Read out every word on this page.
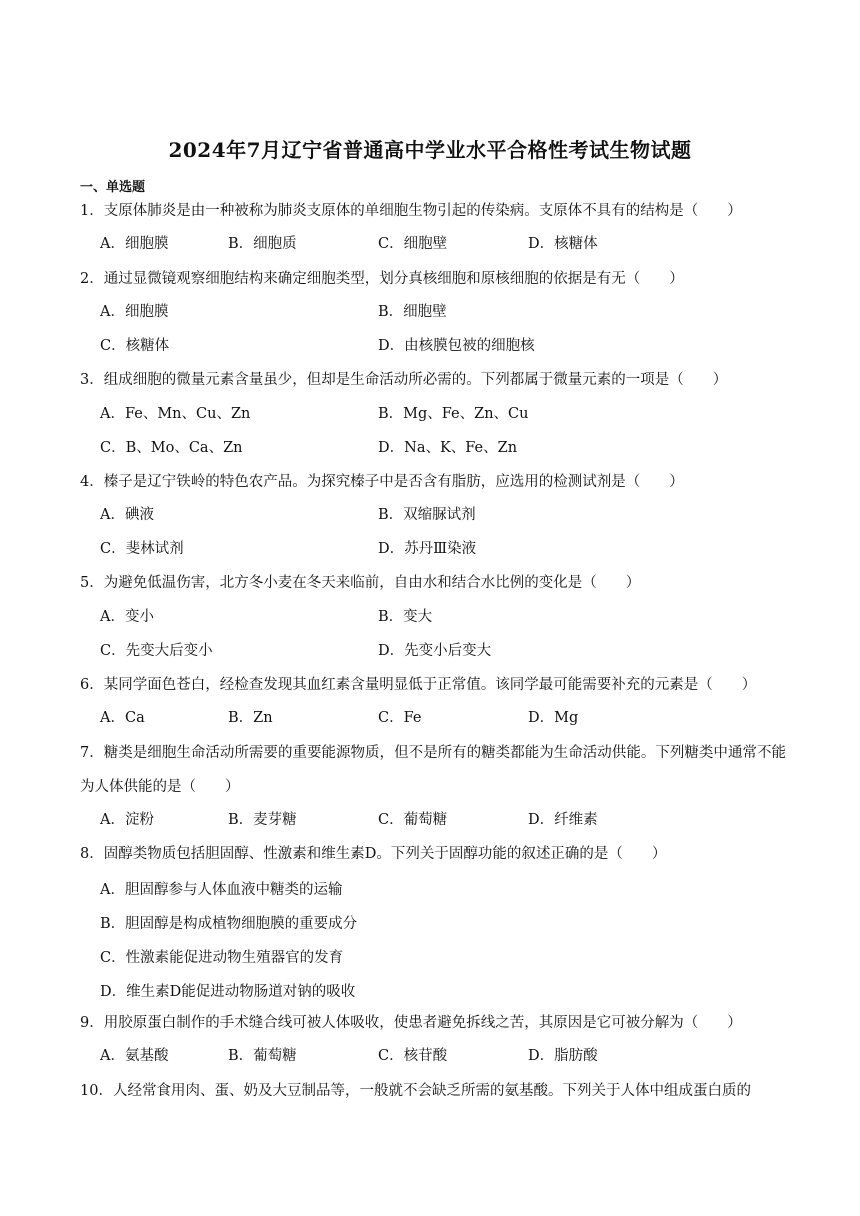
2024年7月辽宁省普通高中学业水平合格性考试生物试题
一、单选题
1．支原体肺炎是由一种被称为肺炎支原体的单细胞生物引起的传染病。支原体不具有的结构是（　　）
A．细胞膜	B．细胞质	C．细胞壁	D．核糖体
2．通过显微镜观察细胞结构来确定细胞类型，划分真核细胞和原核细胞的依据是有无（　　）
A．细胞膜	B．细胞壁
C．核糖体	D．由核膜包被的细胞核
3．组成细胞的微量元素含量虽少，但却是生命活动所必需的。下列都属于微量元素的一项是（　　）
A．Fe、Mn、Cu、Zn	B．Mg、Fe、Zn、Cu
C．B、Mo、Ca、Zn	D．Na、K、Fe、Zn
4．榛子是辽宁铁岭的特色农产品。为探究榛子中是否含有脂肪，应选用的检测试剂是（　　）
A．碘液	B．双缩脲试剂
C．斐林试剂	D．苏丹Ⅲ染液
5．为避免低温伤害，北方冬小麦在冬天来临前，自由水和结合水比例的变化是（　　）
A．变小	B．变大
C．先变大后变小	D．先变小后变大
6．某同学面色苍白，经检查发现其血红素含量明显低于正常值。该同学最可能需要补充的元素是（　　）
A．Ca	B．Zn	C．Fe	D．Mg
7．糖类是细胞生命活动所需要的重要能源物质，但不是所有的糖类都能为生命活动供能。下列糖类中通常不能为人体供能的是（　　）
A．淀粉	B．麦芽糖	C．葡萄糖	D．纤维素
8．固醇类物质包括胆固醇、性激素和维生素D。下列关于固醇功能的叙述正确的是（　　）
A．胆固醇参与人体血液中糖类的运输
B．胆固醇是构成植物细胞膜的重要成分
C．性激素能促进动物生殖器官的发育
D．维生素D能促进动物肠道对钠的吸收
9．用胶原蛋白制作的手术缝合线可被人体吸收，使患者避免拆线之苦，其原因是它可被分解为（　　）
A．氨基酸	B．葡萄糖	C．核苷酸	D．脂肪酸
10．人经常食用肉、蛋、奶及大豆制品等，一般就不会缺乏所需的氨基酸。下列关于人体中组成蛋白质的
